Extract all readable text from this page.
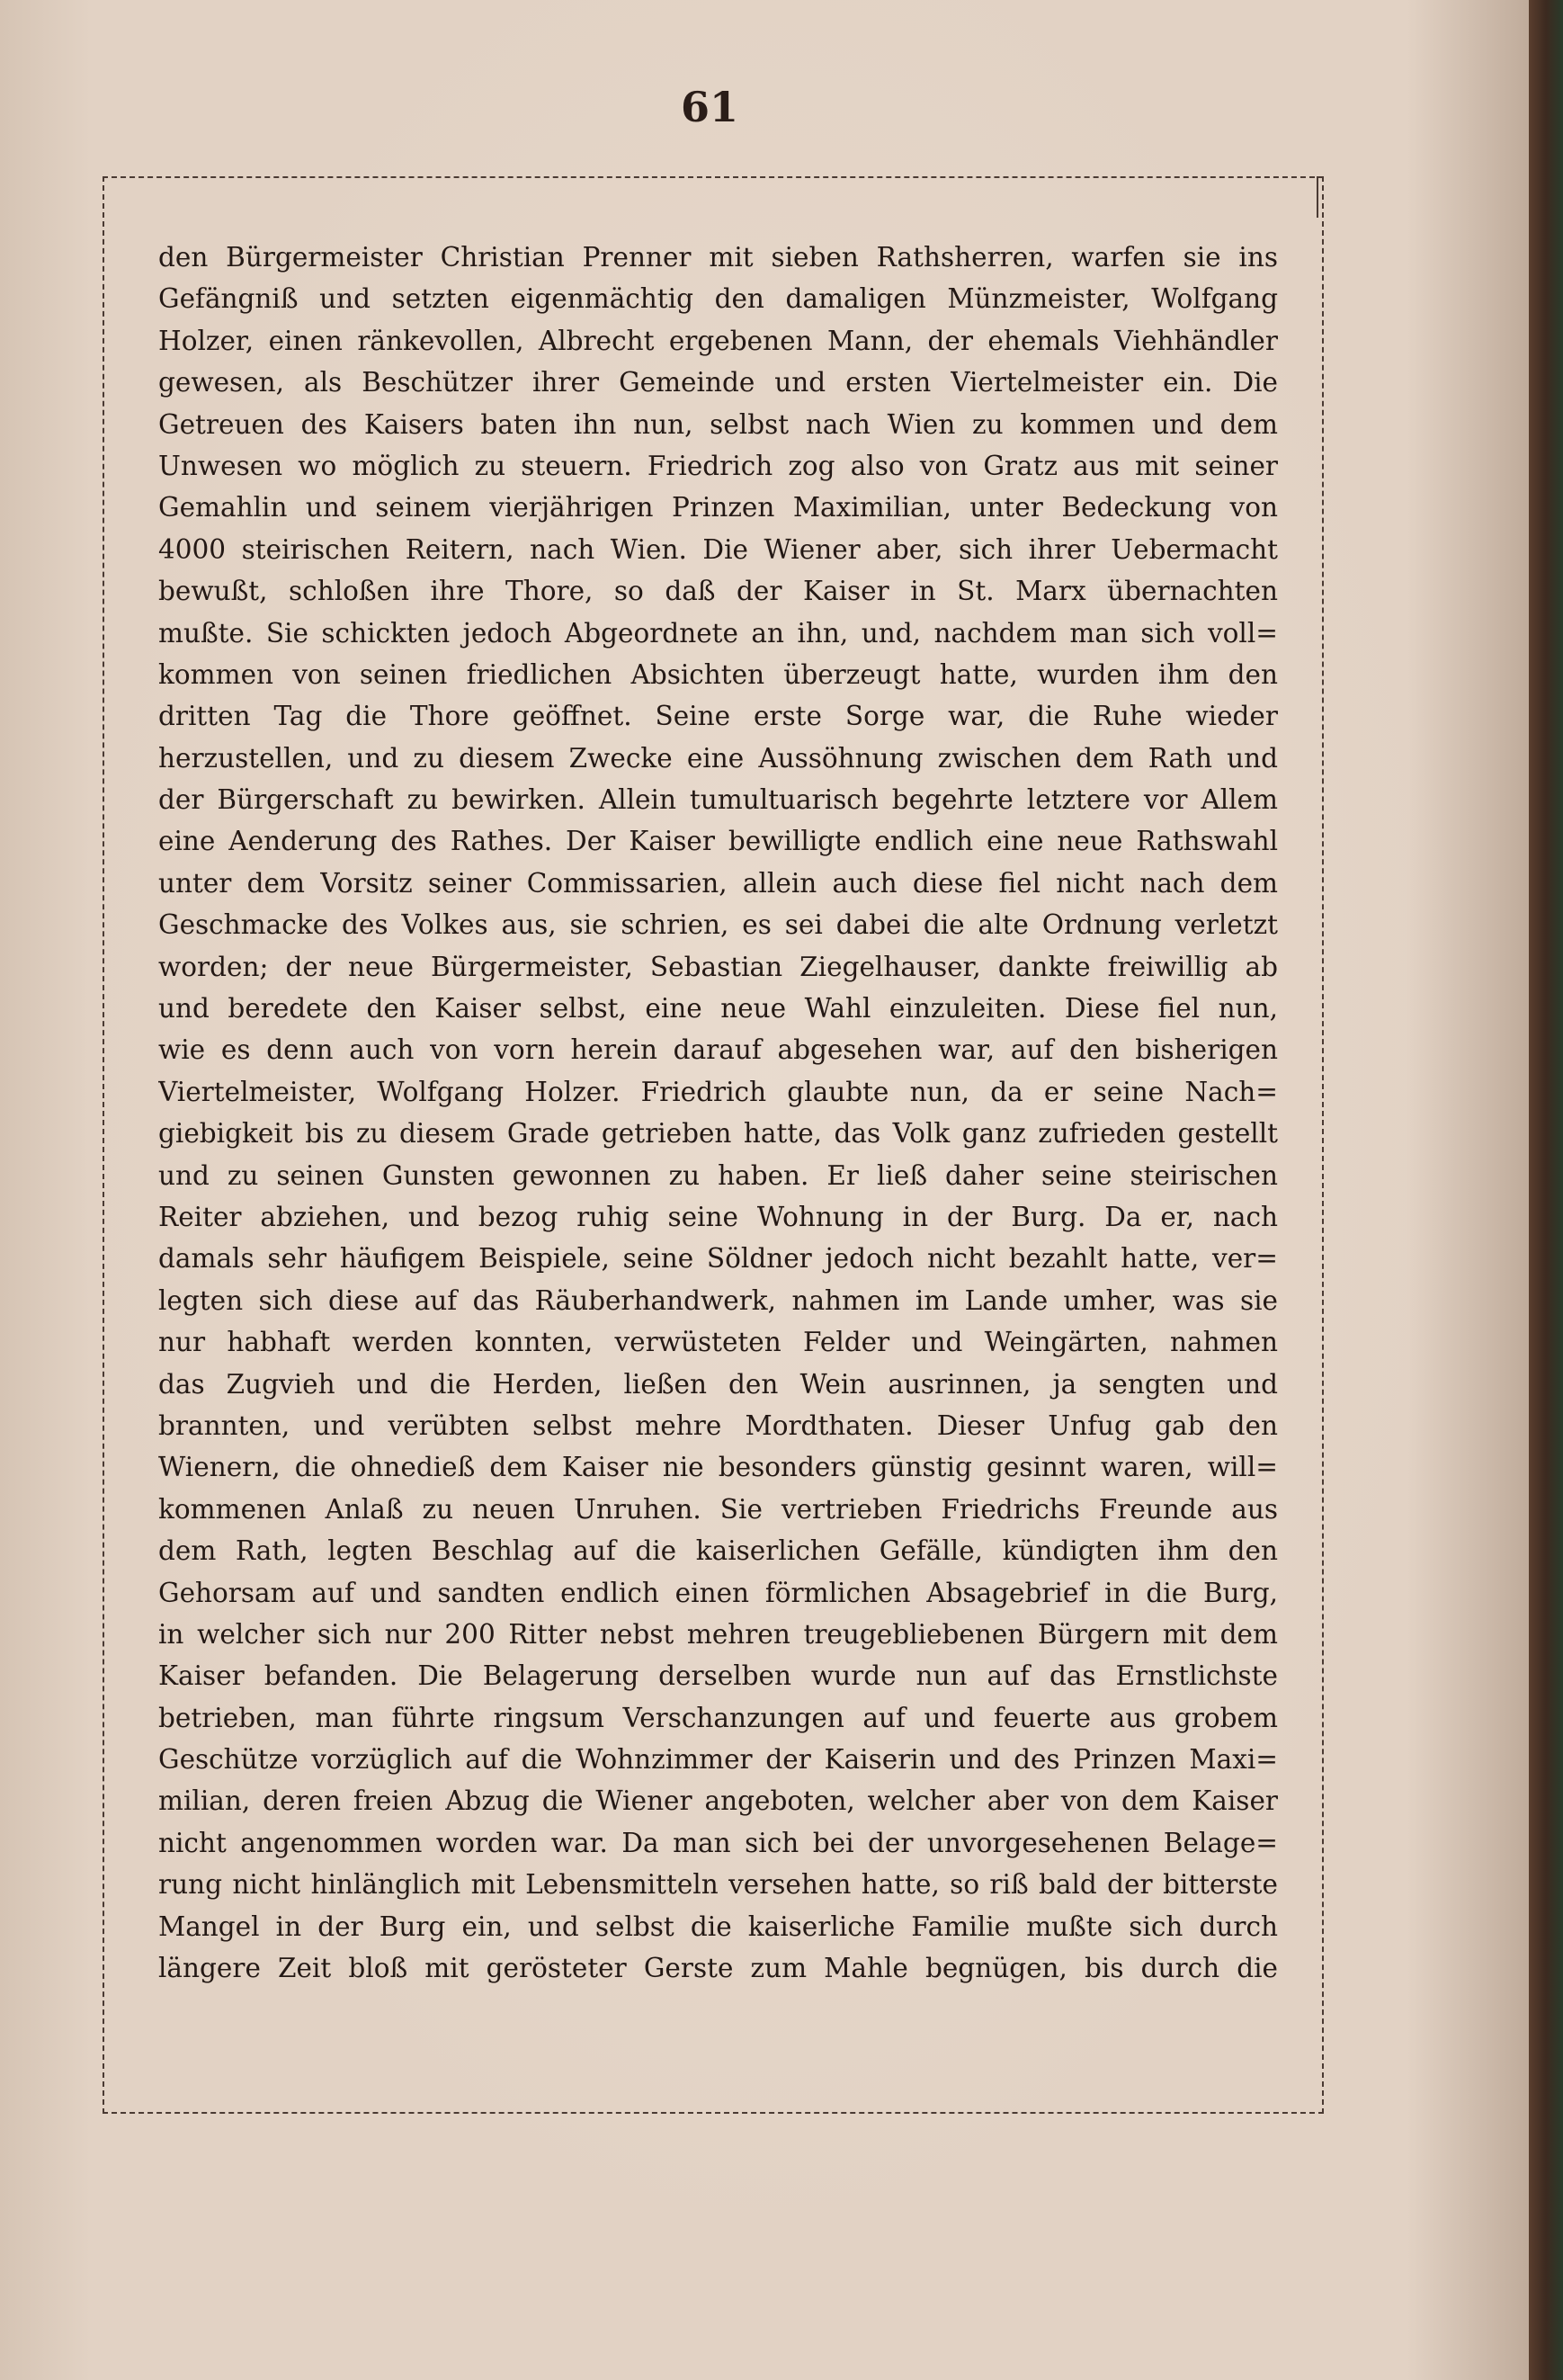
61
den Bürgermeister Christian Prenner mit sieben Rathsherren, warfen sie ins
Gefängniß und setzten eigenmächtig den damaligen Münzmeister, Wolfgang
Holzer, einen ränkevollen, Albrecht ergebenen Mann, der ehemals Viehhändler
gewesen, als Beschützer ihrer Gemeinde und ersten Viertelmeister ein. Die
Getreuen des Kaisers baten ihn nun, selbst nach Wien zu kommen und dem
Unwesen wo möglich zu steuern. Friedrich zog also von Gratz aus mit seiner
Gemahlin und seinem vierjährigen Prinzen Maximilian, unter Bedeckung von
4000 steirischen Reitern, nach Wien. Die Wiener aber, sich ihrer Uebermacht
bewußt, schloßen ihre Thore, so daß der Kaiser in St. Marx übernachten
mußte. Sie schickten jedoch Abgeordnete an ihn, und, nachdem man sich voll=
kommen von seinen friedlichen Absichten überzeugt hatte, wurden ihm den
dritten Tag die Thore geöffnet. Seine erste Sorge war, die Ruhe wieder
herzustellen, und zu diesem Zwecke eine Aussöhnung zwischen dem Rath und
der Bürgerschaft zu bewirken. Allein tumultuarisch begehrte letztere vor Allem
eine Aenderung des Rathes. Der Kaiser bewilligte endlich eine neue Rathswahl
unter dem Vorsitz seiner Commissarien, allein auch diese fiel nicht nach dem
Geschmacke des Volkes aus, sie schrien, es sei dabei die alte Ordnung verletzt
worden; der neue Bürgermeister, Sebastian Ziegelhauser, dankte freiwillig ab
und beredete den Kaiser selbst, eine neue Wahl einzuleiten. Diese fiel nun,
wie es denn auch von vorn herein darauf abgesehen war, auf den bisherigen
Viertelmeister, Wolfgang Holzer. Friedrich glaubte nun, da er seine Nach=
giebigkeit bis zu diesem Grade getrieben hatte, das Volk ganz zufrieden gestellt
und zu seinen Gunsten gewonnen zu haben. Er ließ daher seine steirischen
Reiter abziehen, und bezog ruhig seine Wohnung in der Burg. Da er, nach
damals sehr häufigem Beispiele, seine Söldner jedoch nicht bezahlt hatte, ver=
legten sich diese auf das Räuberhandwerk, nahmen im Lande umher, was sie
nur habhaft werden konnten, verwüsteten Felder und Weingärten, nahmen
das Zugvieh und die Herden, ließen den Wein ausrinnen, ja sengten und
brannten, und verübten selbst mehre Mordthaten. Dieser Unfug gab den
Wienern, die ohnedieß dem Kaiser nie besonders günstig gesinnt waren, will=
kommenen Anlaß zu neuen Unruhen. Sie vertrieben Friedrichs Freunde aus
dem Rath, legten Beschlag auf die kaiserlichen Gefälle, kündigten ihm den
Gehorsam auf und sandten endlich einen förmlichen Absagebrief in die Burg,
in welcher sich nur 200 Ritter nebst mehren treugebliebenen Bürgern mit dem
Kaiser befanden. Die Belagerung derselben wurde nun auf das Ernstlichste
betrieben, man führte ringsum Verschanzungen auf und feuerte aus grobem
Geschütze vorzüglich auf die Wohnzimmer der Kaiserin und des Prinzen Maxi=
milian, deren freien Abzug die Wiener angeboten, welcher aber von dem Kaiser
nicht angenommen worden war. Da man sich bei der unvorgesehenen Belage=
rung nicht hinlänglich mit Lebensmitteln versehen hatte, so riß bald der bitterste
Mangel in der Burg ein, und selbst die kaiserliche Familie mußte sich durch
längere Zeit bloß mit gerösteter Gerste zum Mahle begnügen, bis durch die
